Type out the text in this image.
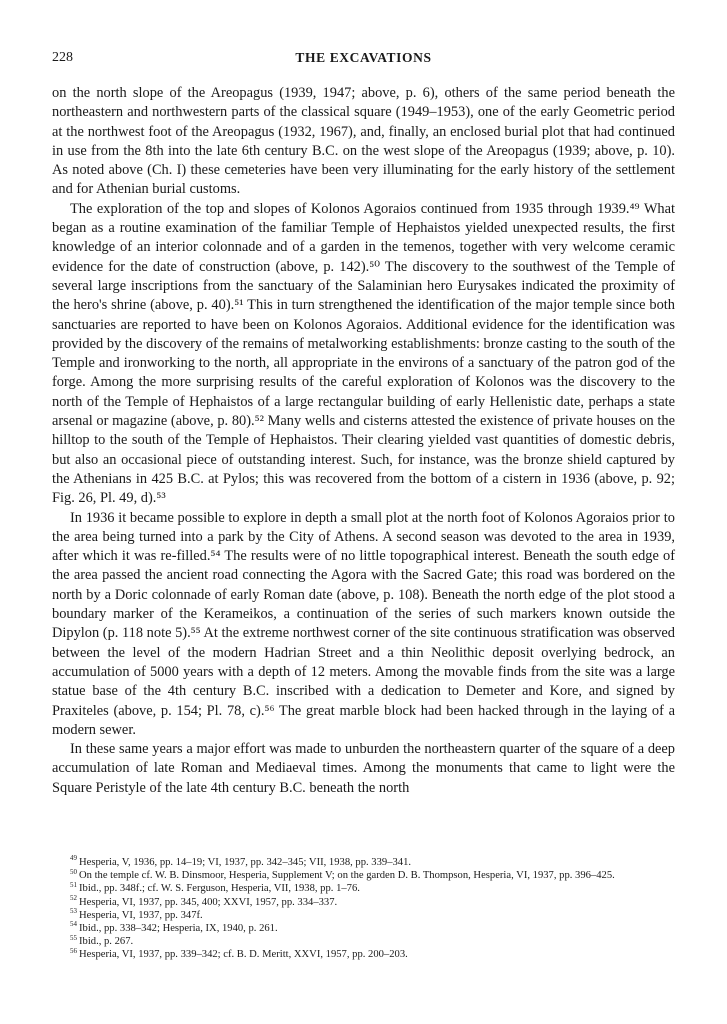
228	THE EXCAVATIONS

on the north slope of the Areopagus (1939, 1947; above, p. 6), others of the same period beneath the northeastern and northwestern parts of the classical square (1949–1953), one of the early Geometric period at the northwest foot of the Areopagus (1932, 1967), and, finally, an enclosed burial plot that had continued in use from the 8th into the late 6th century B.C. on the west slope of the Areopagus (1939; above, p. 10). As noted above (Ch. I) these cemeteries have been very illuminating for the early history of the settlement and for Athenian burial customs.

The exploration of the top and slopes of Kolonos Agoraios continued from 1935 through 1939.⁴⁹ What began as a routine examination of the familiar Temple of Hephaistos yielded unexpected results, the first knowledge of an interior colonnade and of a garden in the temenos, together with very welcome ceramic evidence for the date of construction (above, p. 142).⁵⁰ The discovery to the southwest of the Temple of several large inscriptions from the sanctuary of the Salaminian hero Eurysakes indicated the proximity of the hero's shrine (above, p. 40).⁵¹ This in turn strengthened the identification of the major temple since both sanctuaries are reported to have been on Kolonos Agoraios. Additional evidence for the identification was provided by the discovery of the remains of metalworking establishments: bronze casting to the south of the Temple and ironworking to the north, all appropriate in the environs of a sanctuary of the patron god of the forge. Among the more surprising results of the careful exploration of Kolonos was the discovery to the north of the Temple of Hephaistos of a large rectangular building of early Hellenistic date, perhaps a state arsenal or magazine (above, p. 80).⁵² Many wells and cisterns attested the existence of private houses on the hilltop to the south of the Temple of Hephaistos. Their clearing yielded vast quantities of domestic debris, but also an occasional piece of outstanding interest. Such, for instance, was the bronze shield captured by the Athenians in 425 B.C. at Pylos; this was recovered from the bottom of a cistern in 1936 (above, p. 92; Fig. 26, Pl. 49, d).⁵³

In 1936 it became possible to explore in depth a small plot at the north foot of Kolonos Agoraios prior to the area being turned into a park by the City of Athens. A second season was devoted to the area in 1939, after which it was re-filled.⁵⁴ The results were of no little topographical interest. Beneath the south edge of the area passed the ancient road connecting the Agora with the Sacred Gate; this road was bordered on the north by a Doric colonnade of early Roman date (above, p. 108). Beneath the north edge of the plot stood a boundary marker of the Kerameikos, a continuation of the series of such markers known outside the Dipylon (p. 118 note 5).⁵⁵ At the extreme northwest corner of the site continuous stratification was observed between the level of the modern Hadrian Street and a thin Neolithic deposit overlying bedrock, an accumulation of 5000 years with a depth of 12 meters. Among the movable finds from the site was a large statue base of the 4th century B.C. inscribed with a dedication to Demeter and Kore, and signed by Praxiteles (above, p. 154; Pl. 78, c).⁵⁶ The great marble block had been hacked through in the laying of a modern sewer.

In these same years a major effort was made to unburden the northeastern quarter of the square of a deep accumulation of late Roman and Mediaeval times. Among the monuments that came to light were the Square Peristyle of the late 4th century B.C. beneath the north

$^{49}$ Hesperia, V, 1936, pp. 14–19; VI, 1937, pp. 342–345; VII, 1938, pp. 339–341.

$^{50}$ On the temple cf. W. B. Dinsmoor, Hesperia, Supplement V; on the garden D. B. Thompson, Hesperia, VI, 1937, pp. 396–425.

$^{51}$ Ibid., pp. 348f.; cf. W. S. Ferguson, Hesperia, VII, 1938, pp. 1–76.

$^{52}$ Hesperia, VI, 1937, pp. 345, 400; XXVI, 1957, pp. 334–337.

$^{53}$ Hesperia, VI, 1937, pp. 347f.

$^{54}$ Ibid., pp. 338–342; Hesperia, IX, 1940, p. 261.

$^{55}$ Ibid., p. 267.

$^{56}$ Hesperia, VI, 1937, pp. 339–342; cf. B. D. Meritt, XXVI, 1957, pp. 200–203.
